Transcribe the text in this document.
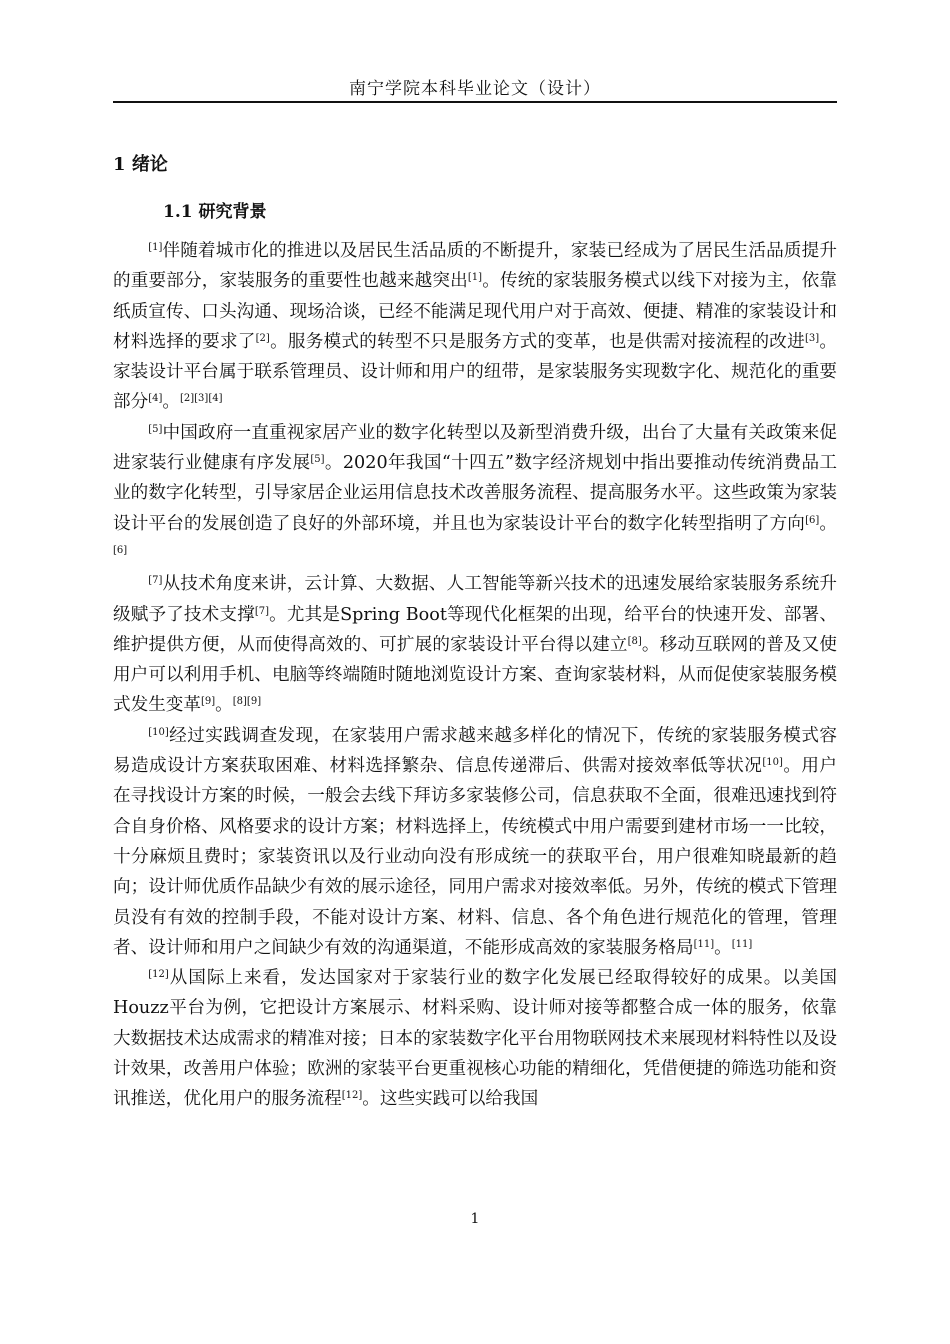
南宁学院本科毕业论文（设计）
1 绪论
1.1 研究背景

[1]伴随着城市化的推进以及居民生活品质的不断提升，家装已经成为了居民生活品质提升的重要部分，家装服务的重要性也越来越突出[1]。传统的家装服务模式以线下对接为主，依靠纸质宣传、口头沟通、现场洽谈，已经不能满足现代用户对于高效、便捷、精准的家装设计和材料选择的要求了[2]。服务模式的转型不只是服务方式的变革，也是供需对接流程的改进[3]。家装设计平台属于联系管理员、设计师和用户的纽带，是家装服务实现数字化、规范化的重要部分[4]。[2][3][4]

[5]中国政府一直重视家居产业的数字化转型以及新型消费升级，出台了大量有关政策来促进家装行业健康有序发展[5]。2020年我国“十四五”数字经济规划中指出要推动传统消费品工业的数字化转型，引导家居企业运用信息技术改善服务流程、提高服务水平。这些政策为家装设计平台的发展创造了良好的外部环境，并且也为家装设计平台的数字化转型指明了方向[6]。[6]

[7]从技术角度来讲，云计算、大数据、人工智能等新兴技术的迅速发展给家装服务系统升级赋予了技术支撑[7]。尤其是Spring Boot等现代化框架的出现，给平台的快速开发、部署、维护提供方便，从而使得高效的、可扩展的家装设计平台得以建立[8]。移动互联网的普及又使用户可以利用手机、电脑等终端随时随地浏览设计方案、查询家装材料，从而促使家装服务模式发生变革[9]。[8][9]

[10]经过实践调查发现，在家装用户需求越来越多样化的情况下，传统的家装服务模式容易造成设计方案获取困难、材料选择繁杂、信息传递滞后、供需对接效率低等状况[10]。用户在寻找设计方案的时候，一般会去线下拜访多家装修公司，信息获取不全面，很难迅速找到符合自身价格、风格要求的设计方案；材料选择上，传统模式中用户需要到建材市场一一比较，十分麻烦且费时；家装资讯以及行业动向没有形成统一的获取平台，用户很难知晓最新的趋向；设计师优质作品缺少有效的展示途径，同用户需求对接效率低。另外，传统的模式下管理员没有有效的控制手段，不能对设计方案、材料、信息、各个角色进行规范化的管理，管理者、设计师和用户之间缺少有效的沟通渠道，不能形成高效的家装服务格局[11]。[11]

[12]从国际上来看，发达国家对于家装行业的数字化发展已经取得较好的成果。以美国Houzz平台为例，它把设计方案展示、材料采购、设计师对接等都整合成一体的服务，依靠大数据技术达成需求的精准对接；日本的家装数字化平台用物联网技术来展现材料特性以及设计效果，改善用户体验；欧洲的家装平台更重视核心功能的精细化，凭借便捷的筛选功能和资讯推送，优化用户的服务流程[12]。这些实践可以给我国

1
